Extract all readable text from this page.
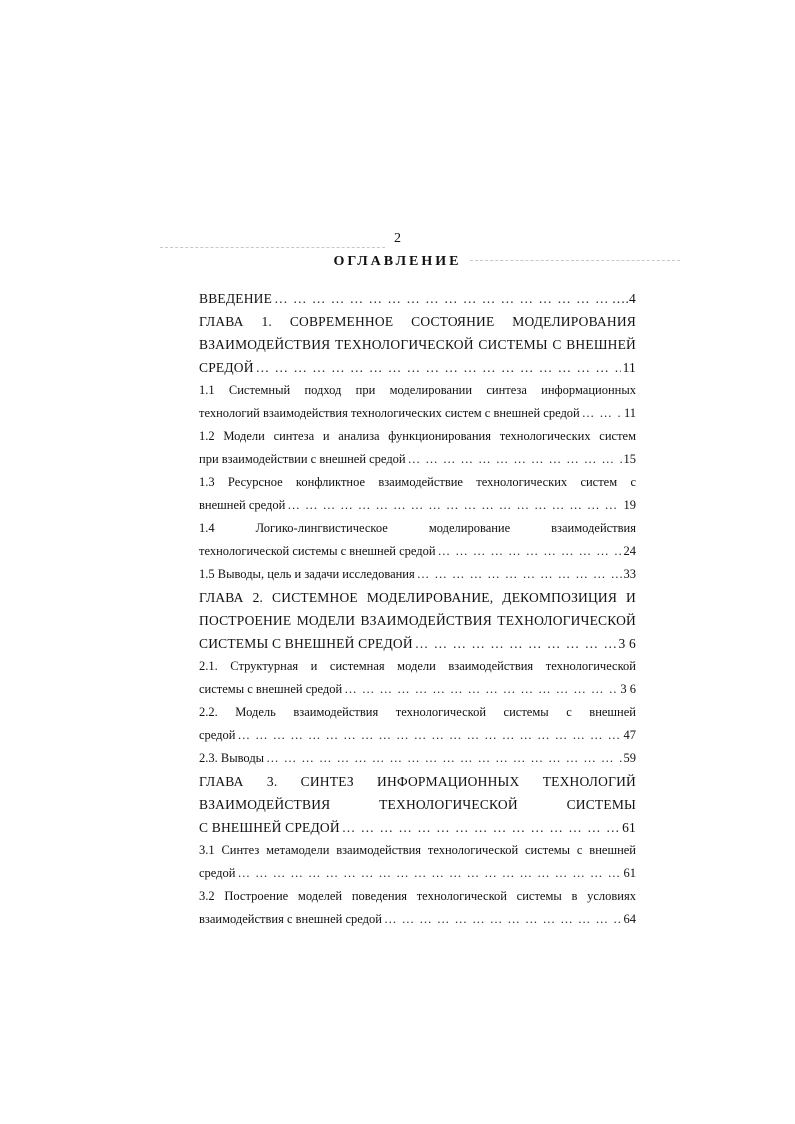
2
ОГЛАВЛЕНИЕ
ВВЕДЕНИЕ … … … … … … … … … … … … … … … … … … … … … … … … … … … … … … … … … … … … … … … … … … … … … … …	….4
ГЛАВА 1. СОВРЕМЕННОЕ СОСТОЯНИЕ МОДЕЛИРОВАНИЯ
ВЗАИМОДЕЙСТВИЯ ТЕХНОЛОГИЧЕСКОЙ СИСТЕМЫ С ВНЕШНЕЙ
СРЕДОЙ … … … … … … … … … … … … … … … … … … … … … … … … … … … … … … … … … … … … … … … … … … … … … … …	11
1.1 Системный подход при моделировании синтеза информационных
технологий взаимодействия технологических систем с внешней средой … … … … … … … … … … … … … … … … … … … … … … … … … … … … … … … … … … … … … … … … … … … … … … …	11
1.2 Модели синтеза и анализа функционирования технологических систем
при взаимодействии с внешней средой … … … … … … … … … … … … … … … … … … … … … … … … … … … … … … … … … … … … … … … … … … … … … … …	15
1.3 Ресурсное конфликтное взаимодействие технологических систем с
внешней средой … … … … … … … … … … … … … … … … … … … … … … … … … … … … … … … … … … … … … … … … … … … … … … …	19
1.4 Логико-лингвистическое моделирование взаимодействия
технологической системы с внешней средой … … … … … … … … … … … … … … … … … … … … … … … … … … … … … … … … … … … … … … … … … … … … … … …	24
1.5 Выводы, цель и задачи исследования … … … … … … … … … … … … … … … … … … … … … … … … … … … … … … … … … … … … … … … … … … … … … … …	33
ГЛАВА 2. СИСТЕМНОЕ МОДЕЛИРОВАНИЕ, ДЕКОМПОЗИЦИЯ И
ПОСТРОЕНИЕ МОДЕЛИ ВЗАИМОДЕЙСТВИЯ ТЕХНОЛОГИЧЕСКОЙ
СИСТЕМЫ С ВНЕШНЕЙ СРЕДОЙ … … … … … … … … … … … … … … … … … … … … … … … … … … … … … … … … … … … … … … … … … … … … … … …	3 6
2.1. Структурная и системная модели взаимодействия технологической
системы с внешней средой … … … … … … … … … … … … … … … … … … … … … … … … … … … … … … … … … … … … … … … … … … … … … … …	3 6
2.2. Модель взаимодействия технологической системы с внешней
средой … … … … … … … … … … … … … … … … … … … … … … … … … … … … … … … … … … … … … … … … … … … … … … …	47
2.3. Выводы … … … … … … … … … … … … … … … … … … … … … … … … … … … … … … … … … … … … … … … … … … … … … … …	59
ГЛАВА 3. СИНТЕЗ ИНФОРМАЦИОННЫХ ТЕХНОЛОГИЙ
ВЗАИМОДЕЙСТВИЯ ТЕХНОЛОГИЧЕСКОЙ СИСТЕМЫ
С ВНЕШНЕЙ СРЕДОЙ … … … … … … … … … … … … … … … … … … … … … … … … … … … … … … … … … … … … … … … … … … … … … … …	61
3.1 Синтез метамодели взаимодействия технологической системы с внешней
средой … … … … … … … … … … … … … … … … … … … … … … … … … … … … … … … … … … … … … … … … … … … … … … …	61
3.2 Построение моделей поведения технологической системы в условиях
взаимодействия с внешней средой … … … … … … … … … … … … … … … … … … … … … … … … … … … … … … … … … … … … … … … … … … … … … … …	64
